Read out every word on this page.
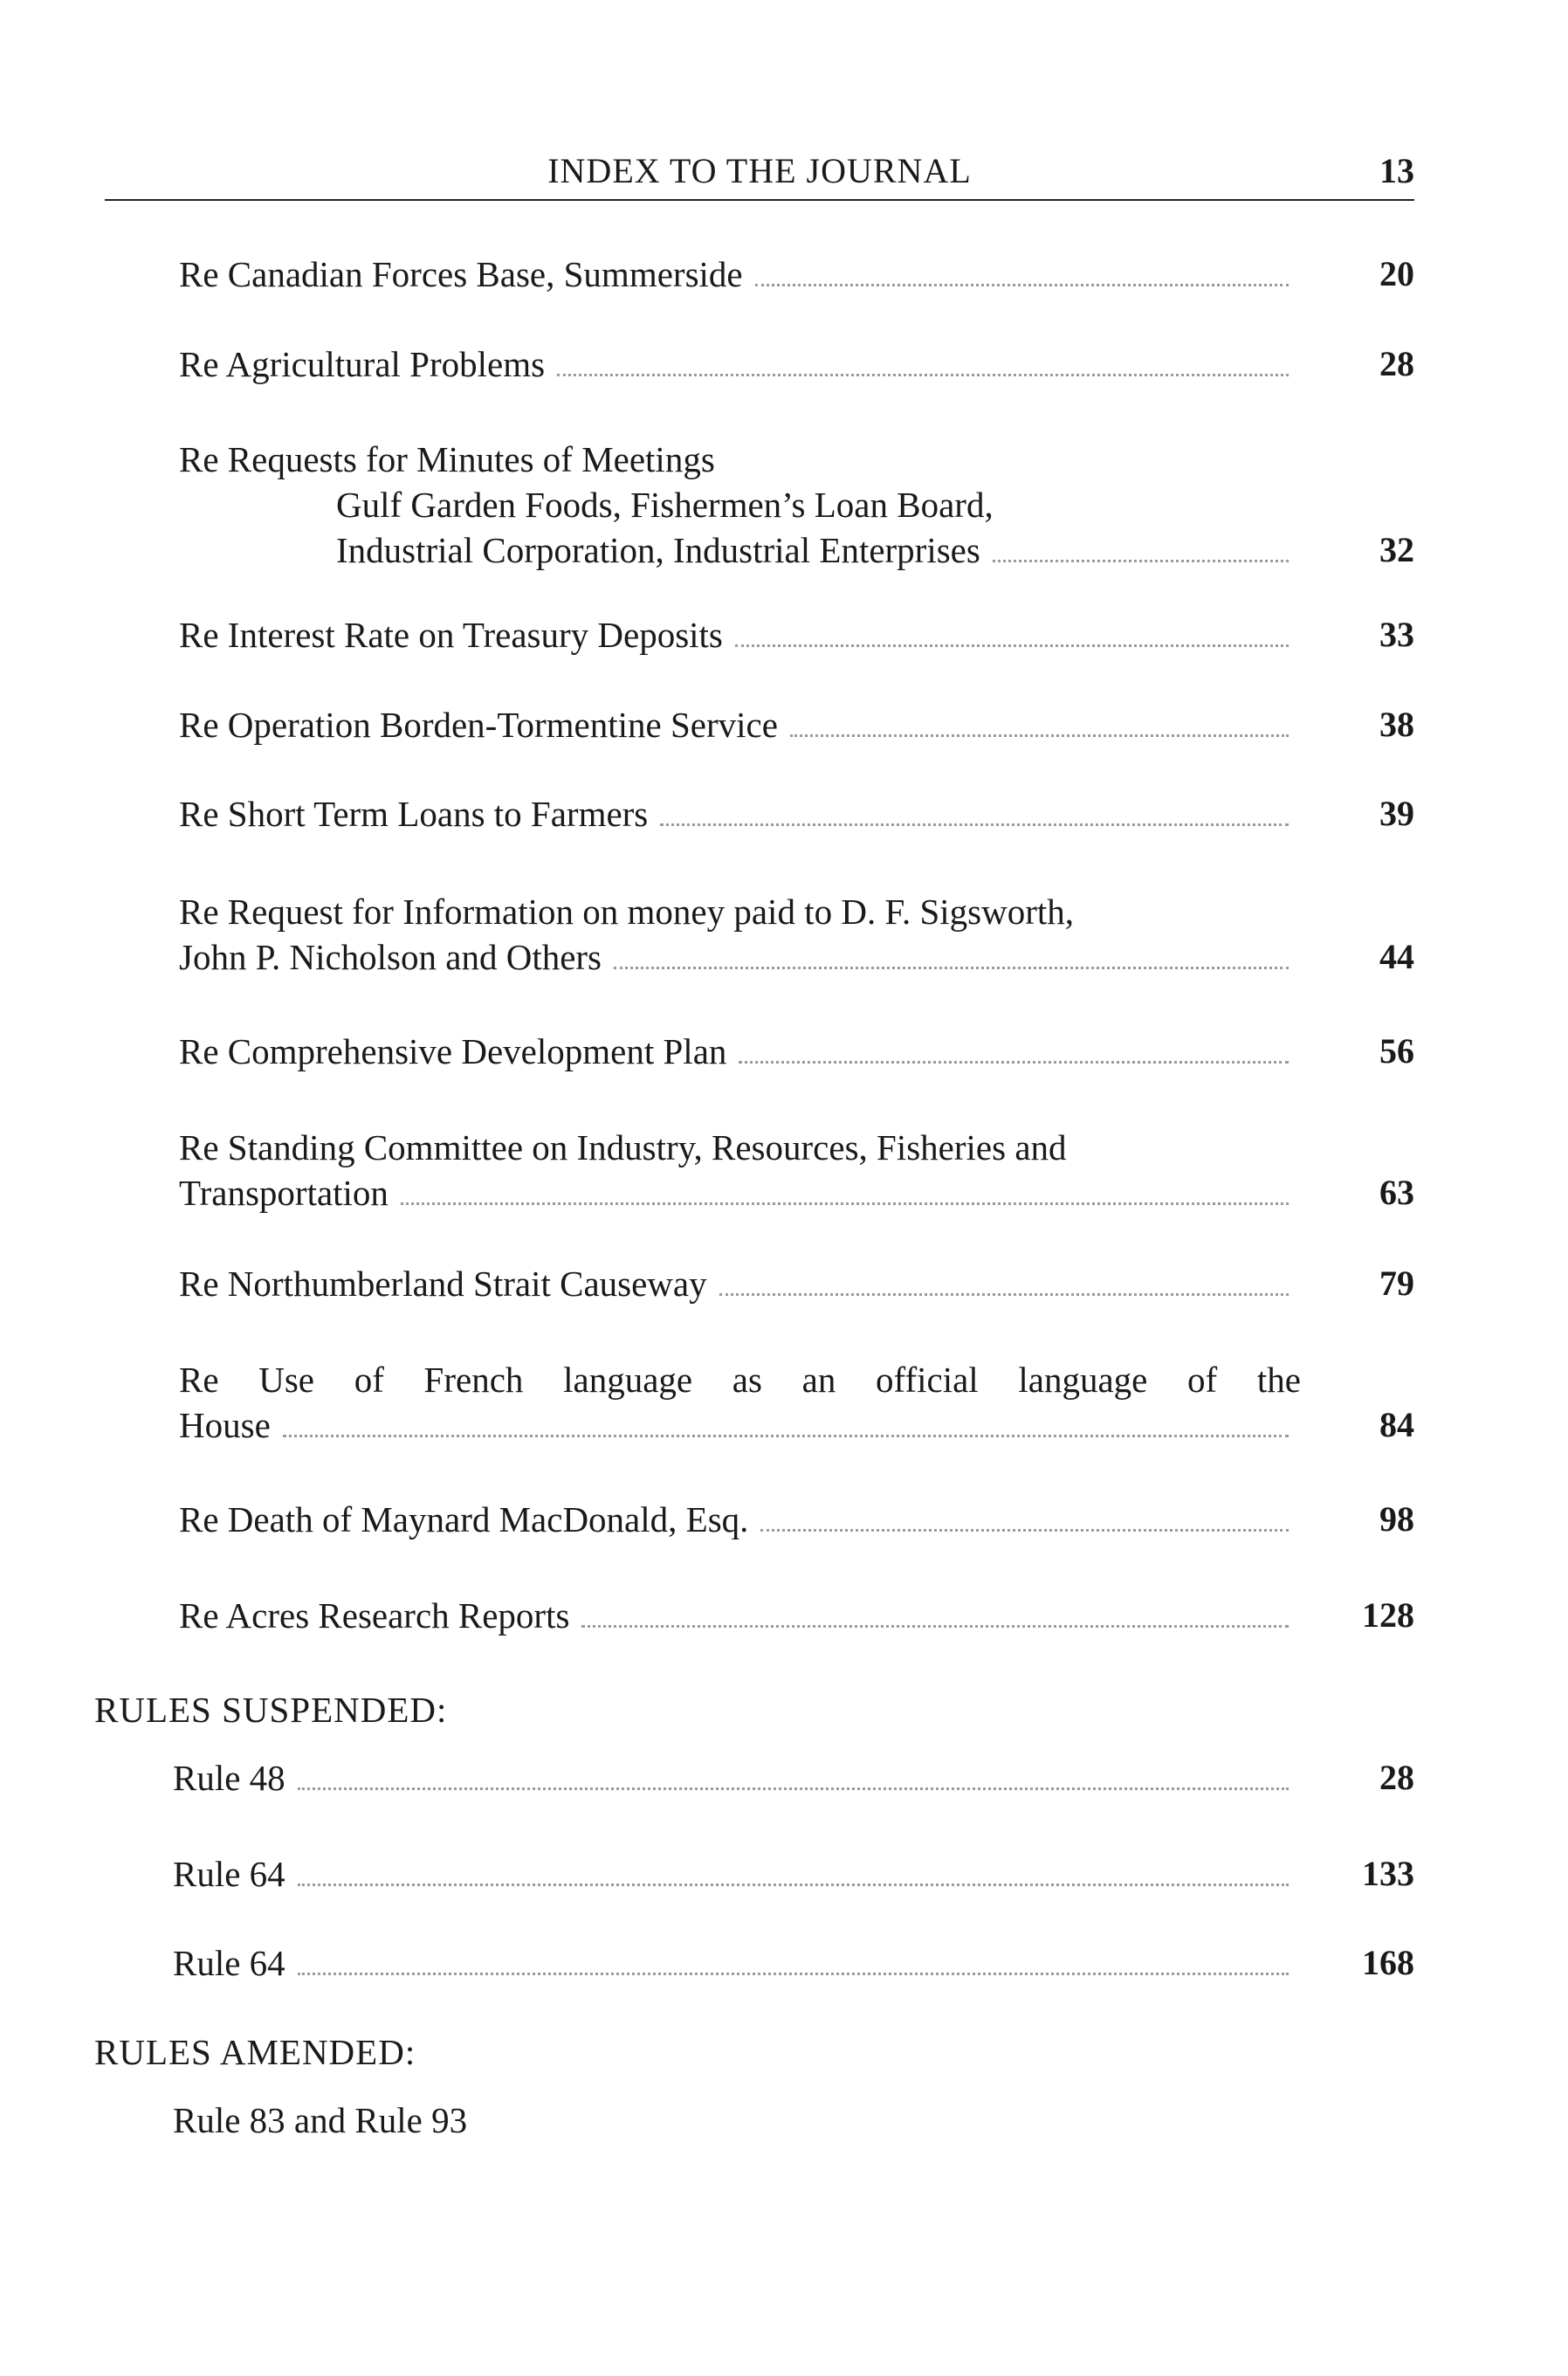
INDEX TO THE JOURNAL	13
Re Canadian Forces Base, Summerside	20
Re Agricultural Problems	28
Re Requests for Minutes of Meetings
Gulf Garden Foods, Fishermen’s Loan Board,
Industrial Corporation, Industrial Enterprises	32
Re Interest Rate on Treasury Deposits	33
Re Operation Borden-Tormentine Service	38
Re Short Term Loans to Farmers	39
Re Request for Information on money paid to D. F. Sigsworth,
John P. Nicholson and Others	44
Re Comprehensive Development Plan	56
Re Standing Committee on Industry, Resources, Fisheries and
Transportation	63
Re Northumberland Strait Causeway	79
Re Use of French language as an official language of the
House	84
Re Death of Maynard MacDonald, Esq.	98
Re Acres Research Reports	128
RULES SUSPENDED:
Rule 48	28
Rule 64	133
Rule 64	168
RULES AMENDED:
Rule 83 and Rule 93
